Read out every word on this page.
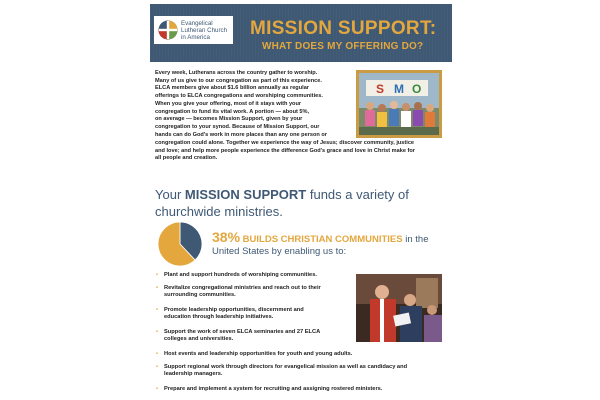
Evangelical
Lutheran Church
in America	MISSION SUPPORT:
WHAT DOES MY OFFERING DO?
Every week, Lutherans across the country gather to worship.
Many of us give to our congregation as part of this experience.
ELCA members give about $1.6 billion annually as regular
offerings to ELCA congregations and worshiping communities.
When you give your offering, most of it stays with your
congregation to fund its vital work. A portion — about 5%,
on average — becomes Mission Support, given by your
congregation to your synod. Because of Mission Support, our
hands can do God's work in more places than any one person or
congregation could alone. Together we experience the way of Jesus; discover community, justice
and love; and help more people experience the difference God's grace and love in Christ make for
all people and creation.
S M O
Your MISSION SUPPORT funds a variety of
churchwide ministries.
38% BUILDS CHRISTIAN COMMUNITIES in the
United States by enabling us to:
• Plant and support hundreds of worshiping communities.
• Revitalize congregational ministries and reach out to their
surrounding communities.
• Promote leadership opportunities, discernment and
education through leadership initiatives.
• Support the work of seven ELCA seminaries and 27 ELCA
colleges and universities.
• Host events and leadership opportunities for youth and young adults.
• Support regional work through directors for evangelical mission as well as candidacy and
leadership managers.
• Prepare and implement a system for recruiting and assigning rostered ministers.
